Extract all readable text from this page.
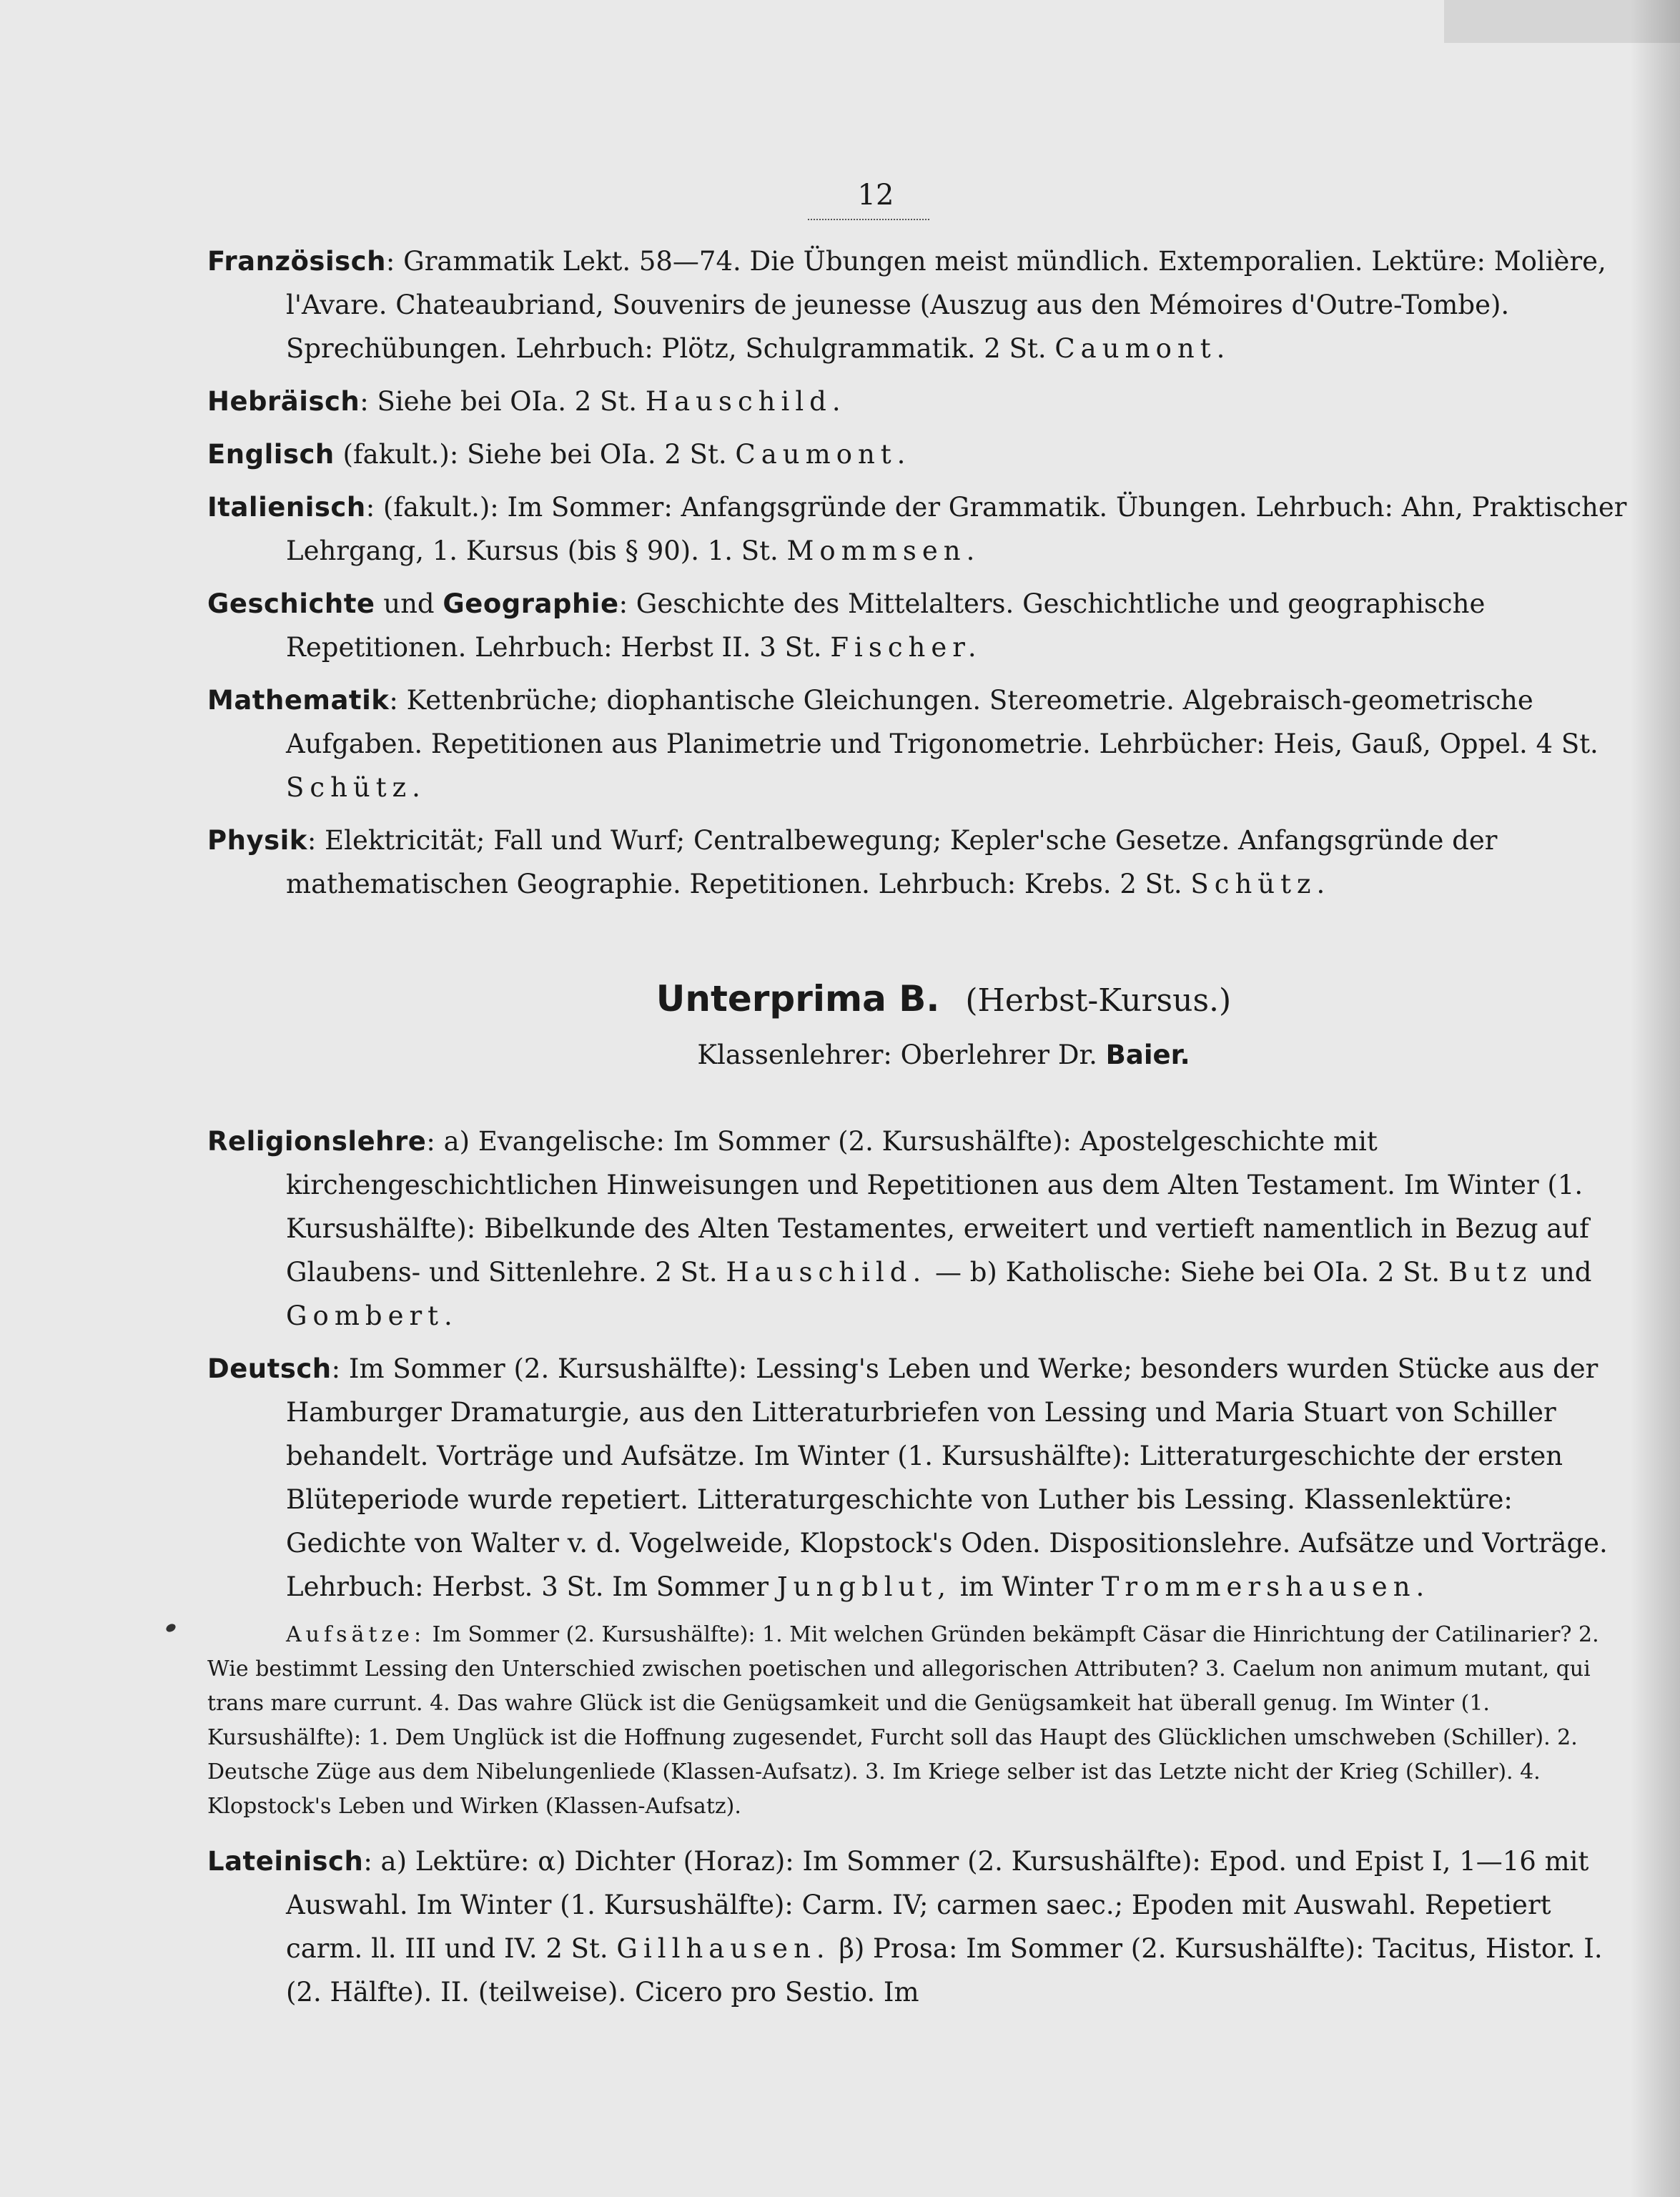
12

Französisch: Grammatik Lekt. 58—74. Die Übungen meist mündlich. Extemporalien. Lektüre: Molière, l'Avare. Chateaubriand, Souvenirs de jeunesse (Auszug aus den Mémoires d'Outre-Tombe). Sprechübungen. Lehrbuch: Plötz, Schulgrammatik. 2 St. Caumont.

Hebräisch: Siehe bei OIa. 2 St. Hauschild.

Englisch (fakult.): Siehe bei OIa. 2 St. Caumont.

Italienisch: (fakult.): Im Sommer: Anfangsgründe der Grammatik. Übungen. Lehrbuch: Ahn, Praktischer Lehrgang, 1. Kursus (bis § 90). 1. St. Mommsen.

Geschichte und Geographie: Geschichte des Mittelalters. Geschichtliche und geographische Repetitionen. Lehrbuch: Herbst II. 3 St. Fischer.

Mathematik: Kettenbrüche; diophantische Gleichungen. Stereometrie. Algebraisch-geometrische Aufgaben. Repetitionen aus Planimetrie und Trigonometrie. Lehrbücher: Heis, Gauß, Oppel. 4 St. Schütz.

Physik: Elektricität; Fall und Wurf; Centralbewegung; Kepler'sche Gesetze. Anfangsgründe der mathematischen Geographie. Repetitionen. Lehrbuch: Krebs. 2 St. Schütz.

Unterprima B. (Herbst-Kursus.)
Klassenlehrer: Oberlehrer Dr. Baier.

Religionslehre: a) Evangelische: Im Sommer (2. Kursushälfte): Apostelgeschichte mit kirchengeschichtlichen Hinweisungen und Repetitionen aus dem Alten Testament. Im Winter (1. Kursushälfte): Bibelkunde des Alten Testamentes, erweitert und vertieft namentlich in Bezug auf Glaubens- und Sittenlehre. 2 St. Hauschild. — b) Katholische: Siehe bei OIa. 2 St. Butz und Gombert.

Deutsch: Im Sommer (2. Kursushälfte): Lessing's Leben und Werke; besonders wurden Stücke aus der Hamburger Dramaturgie, aus den Litteraturbriefen von Lessing und Maria Stuart von Schiller behandelt. Vorträge und Aufsätze. Im Winter (1. Kursushälfte): Litteraturgeschichte der ersten Blüteperiode wurde repetiert. Litteraturgeschichte von Luther bis Lessing. Klassenlektüre: Gedichte von Walter v. d. Vogelweide, Klopstock's Oden. Dispositionslehre. Aufsätze und Vorträge. Lehrbuch: Herbst. 3 St. Im Sommer Jungblut, im Winter Trommershausen.

Aufsätze: Im Sommer (2. Kursushälfte): 1. Mit welchen Gründen bekämpft Cäsar die Hinrichtung der Catilinarier? 2. Wie bestimmt Lessing den Unterschied zwischen poetischen und allegorischen Attributen? 3. Caelum non animum mutant, qui trans mare currunt. 4. Das wahre Glück ist die Genügsamkeit und die Genügsamkeit hat überall genug. Im Winter (1. Kursushälfte): 1. Dem Unglück ist die Hoffnung zugesendet, Furcht soll das Haupt des Glücklichen umschweben (Schiller). 2. Deutsche Züge aus dem Nibelungenliede (Klassen-Aufsatz). 3. Im Kriege selber ist das Letzte nicht der Krieg (Schiller). 4. Klopstock's Leben und Wirken (Klassen-Aufsatz).

Lateinisch: a) Lektüre: α) Dichter (Horaz): Im Sommer (2. Kursushälfte): Epod. und Epist I, 1—16 mit Auswahl. Im Winter (1. Kursushälfte): Carm. IV; carmen saec.; Epoden mit Auswahl. Repetiert carm. ll. III und IV. 2 St. Gillhausen. β) Prosa: Im Sommer (2. Kursushälfte): Tacitus, Histor. I. (2. Hälfte). II. (teilweise). Cicero pro Sestio. Im
